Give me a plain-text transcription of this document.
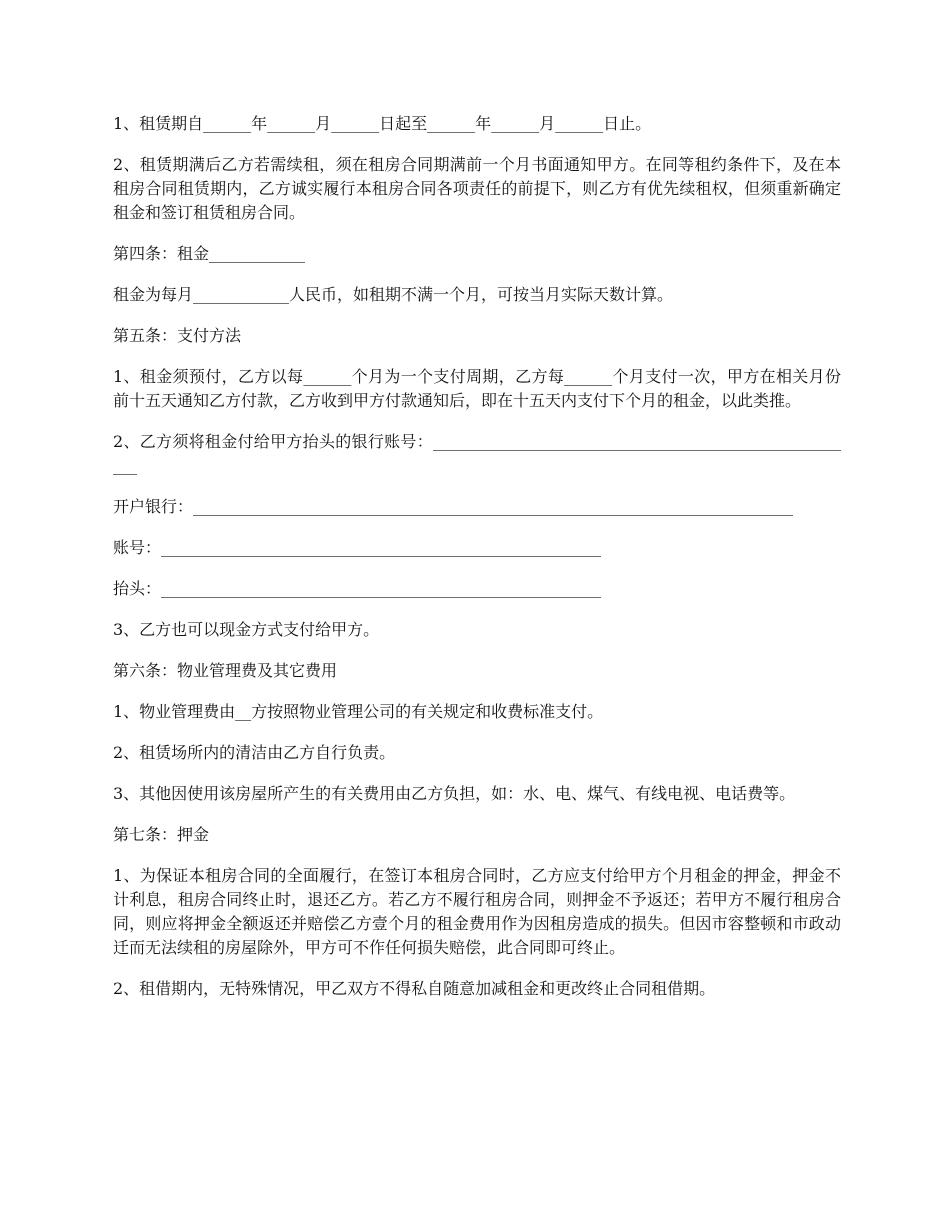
1、租赁期自______年______月______日起至______年______月______日止。

2、租赁期满后乙方若需续租，须在租房合同期满前一个月书面通知甲方。在同等租约条件下，及在本租房合同租赁期内，乙方诚实履行本租房合同各项责任的前提下，则乙方有优先续租权，但须重新确定租金和签订租赁租房合同。

第四条：租金____________

租金为每月____________人民币，如租期不满一个月，可按当月实际天数计算。

第五条：支付方法

1、租金须预付，乙方以每______个月为一个支付周期，乙方每______个月支付一次，甲方在相关月份前十五天通知乙方付款，乙方收到甲方付款通知后，即在十五天内支付下个月的租金，以此类推。

2、乙方须将租金付给甲方抬头的银行账号：______________________________________________________

开户银行：___________________________________________________________________________

账号：_______________________________________________________

抬头：_______________________________________________________

3、乙方也可以现金方式支付给甲方。

第六条：物业管理费及其它费用

1、物业管理费由__方按照物业管理公司的有关规定和收费标准支付。

2、租赁场所内的清洁由乙方自行负责。

3、其他因使用该房屋所产生的有关费用由乙方负担，如：水、电、煤气、有线电视、电话费等。

第七条：押金

1、为保证本租房合同的全面履行，在签订本租房合同时，乙方应支付给甲方个月租金的押金，押金不计利息，租房合同终止时，退还乙方。若乙方不履行租房合同，则押金不予返还；若甲方不履行租房合同，则应将押金全额返还并赔偿乙方壹个月的租金费用作为因租房造成的损失。但因市容整顿和市政动迁而无法续租的房屋除外，甲方可不作任何损失赔偿，此合同即可终止。

2、租借期内，无特殊情况，甲乙双方不得私自随意加减租金和更改终止合同租借期。
